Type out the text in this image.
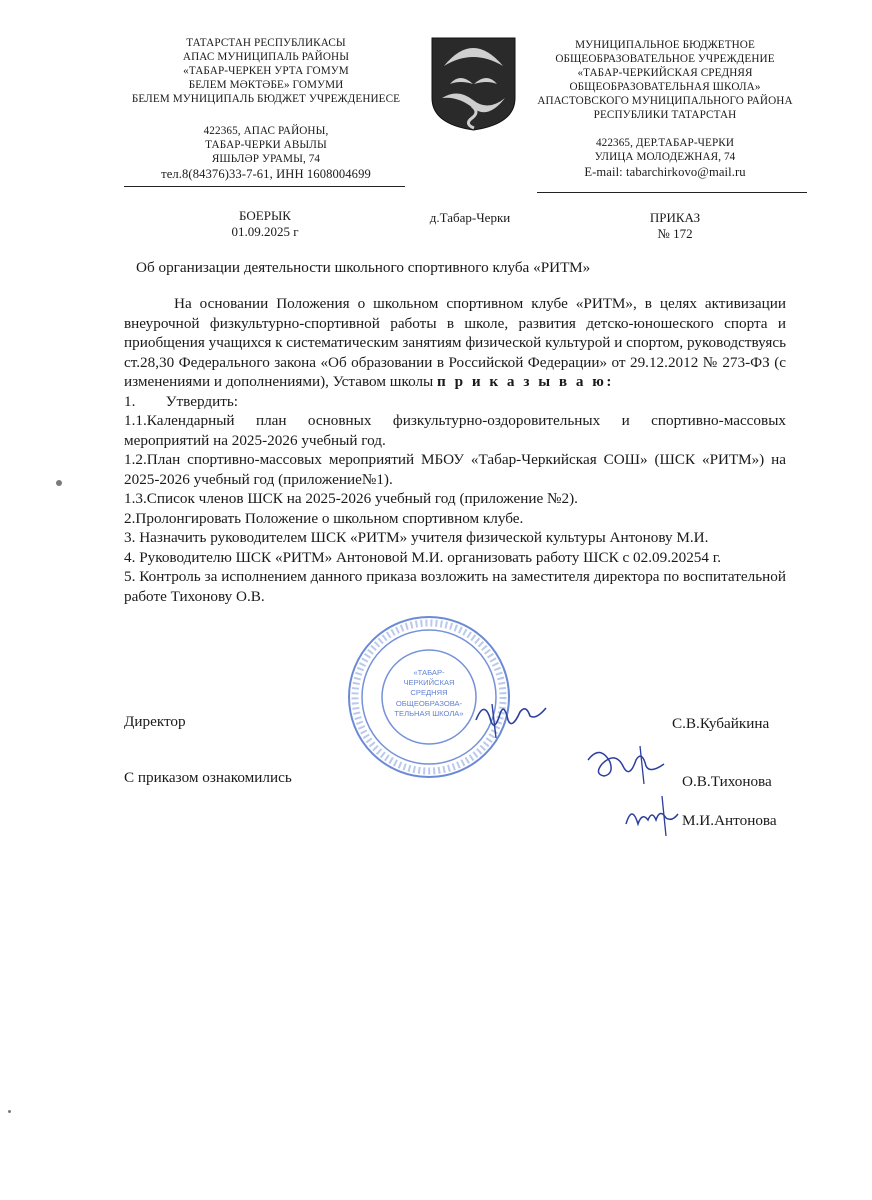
ТАТАРСТАН РЕСПУБЛИКАСЫ
АПАС МУНИЦИПАЛЬ РАЙОНЫ
«ТАБАР-ЧЕРКЕН УРТА ГОМУМ
БЕЛЕМ МӘКТӘБЕ» ГОМУМИ
БЕЛЕМ МУНИЦИПАЛЬ БЮДЖЕТ УЧРЕЖДЕНИЕСЕ
422365, АПАС РАЙОНЫ,
ТАБАР-ЧЕРКИ АВЫЛЫ
ЯШЬЛӘР УРАМЫ, 74
тел.8(84376)33-7-61, ИНН 1608004699
МУНИЦИПАЛЬНОЕ БЮДЖЕТНОЕ
ОБЩЕОБРАЗОВАТЕЛЬНОЕ УЧРЕЖДЕНИЕ
«ТАБАР-ЧЕРКИЙСКАЯ СРЕДНЯЯ
ОБЩЕОБРАЗОВАТЕЛЬНАЯ ШКОЛА»
АПАСТОВСКОГО МУНИЦИПАЛЬНОГО РАЙОНА
РЕСПУБЛИКИ ТАТАРСТАН
422365, ДЕР.ТАБАР-ЧЕРКИ
УЛИЦА МОЛОДЕЖНАЯ, 74
E-mail: tabarchirkovo@mail.ru
БОЕРЫК
01.09.2025 г
д.Табар-Черки	ПРИКАЗ
№ 172
Об организации деятельности школьного спортивного клуба «РИТМ»

На основании Положения о школьном спортивном клубе «РИТМ», в целях активизации внеурочной физкультурно-спортивной работы в школе, развития детско-юношеского спорта и приобщения учащихся к систематическим занятиям физической культурой и спортом, руководствуясь ст.28,30 Федерального закона «Об образовании в Российской Федерации» от 29.12.2012 № 273-ФЗ (с изменениями и дополнениями), Уставом школы п р и к а з ы в а ю:

1.        Утвердить:

1.1.Календарный план основных физкультурно-оздоровительных и спортивно-массовых мероприятий на 2025-2026 учебный год.

1.2.План спортивно-массовых мероприятий МБОУ «Табар-Черкийская СОШ» (ШСК «РИТМ») на 2025-2026 учебный год (приложение№1).

1.3.Список членов ШСК на 2025-2026 учебный год (приложение №2).

2.Пролонгировать Положение о школьном спортивном клубе.

3. Назначить руководителем ШСК «РИТМ» учителя физической культуры Антонову М.И.

4. Руководителю ШСК «РИТМ» Антоновой М.И. организовать работу ШСК с 02.09.20254 г.

5. Контроль за исполнением данного приказа возложить на заместителя директора по воспитательной работе Тихонову О.В.

«ТАБАР-
ЧЕРКИЙСКАЯ
СРЕДНЯЯ
ОБЩЕОБРАЗОВА-
ТЕЛЬНАЯ ШКОЛА»
Директор	С.В.Кубайкина
С приказом ознакомились	О.В.Тихонова
М.И.Антонова
